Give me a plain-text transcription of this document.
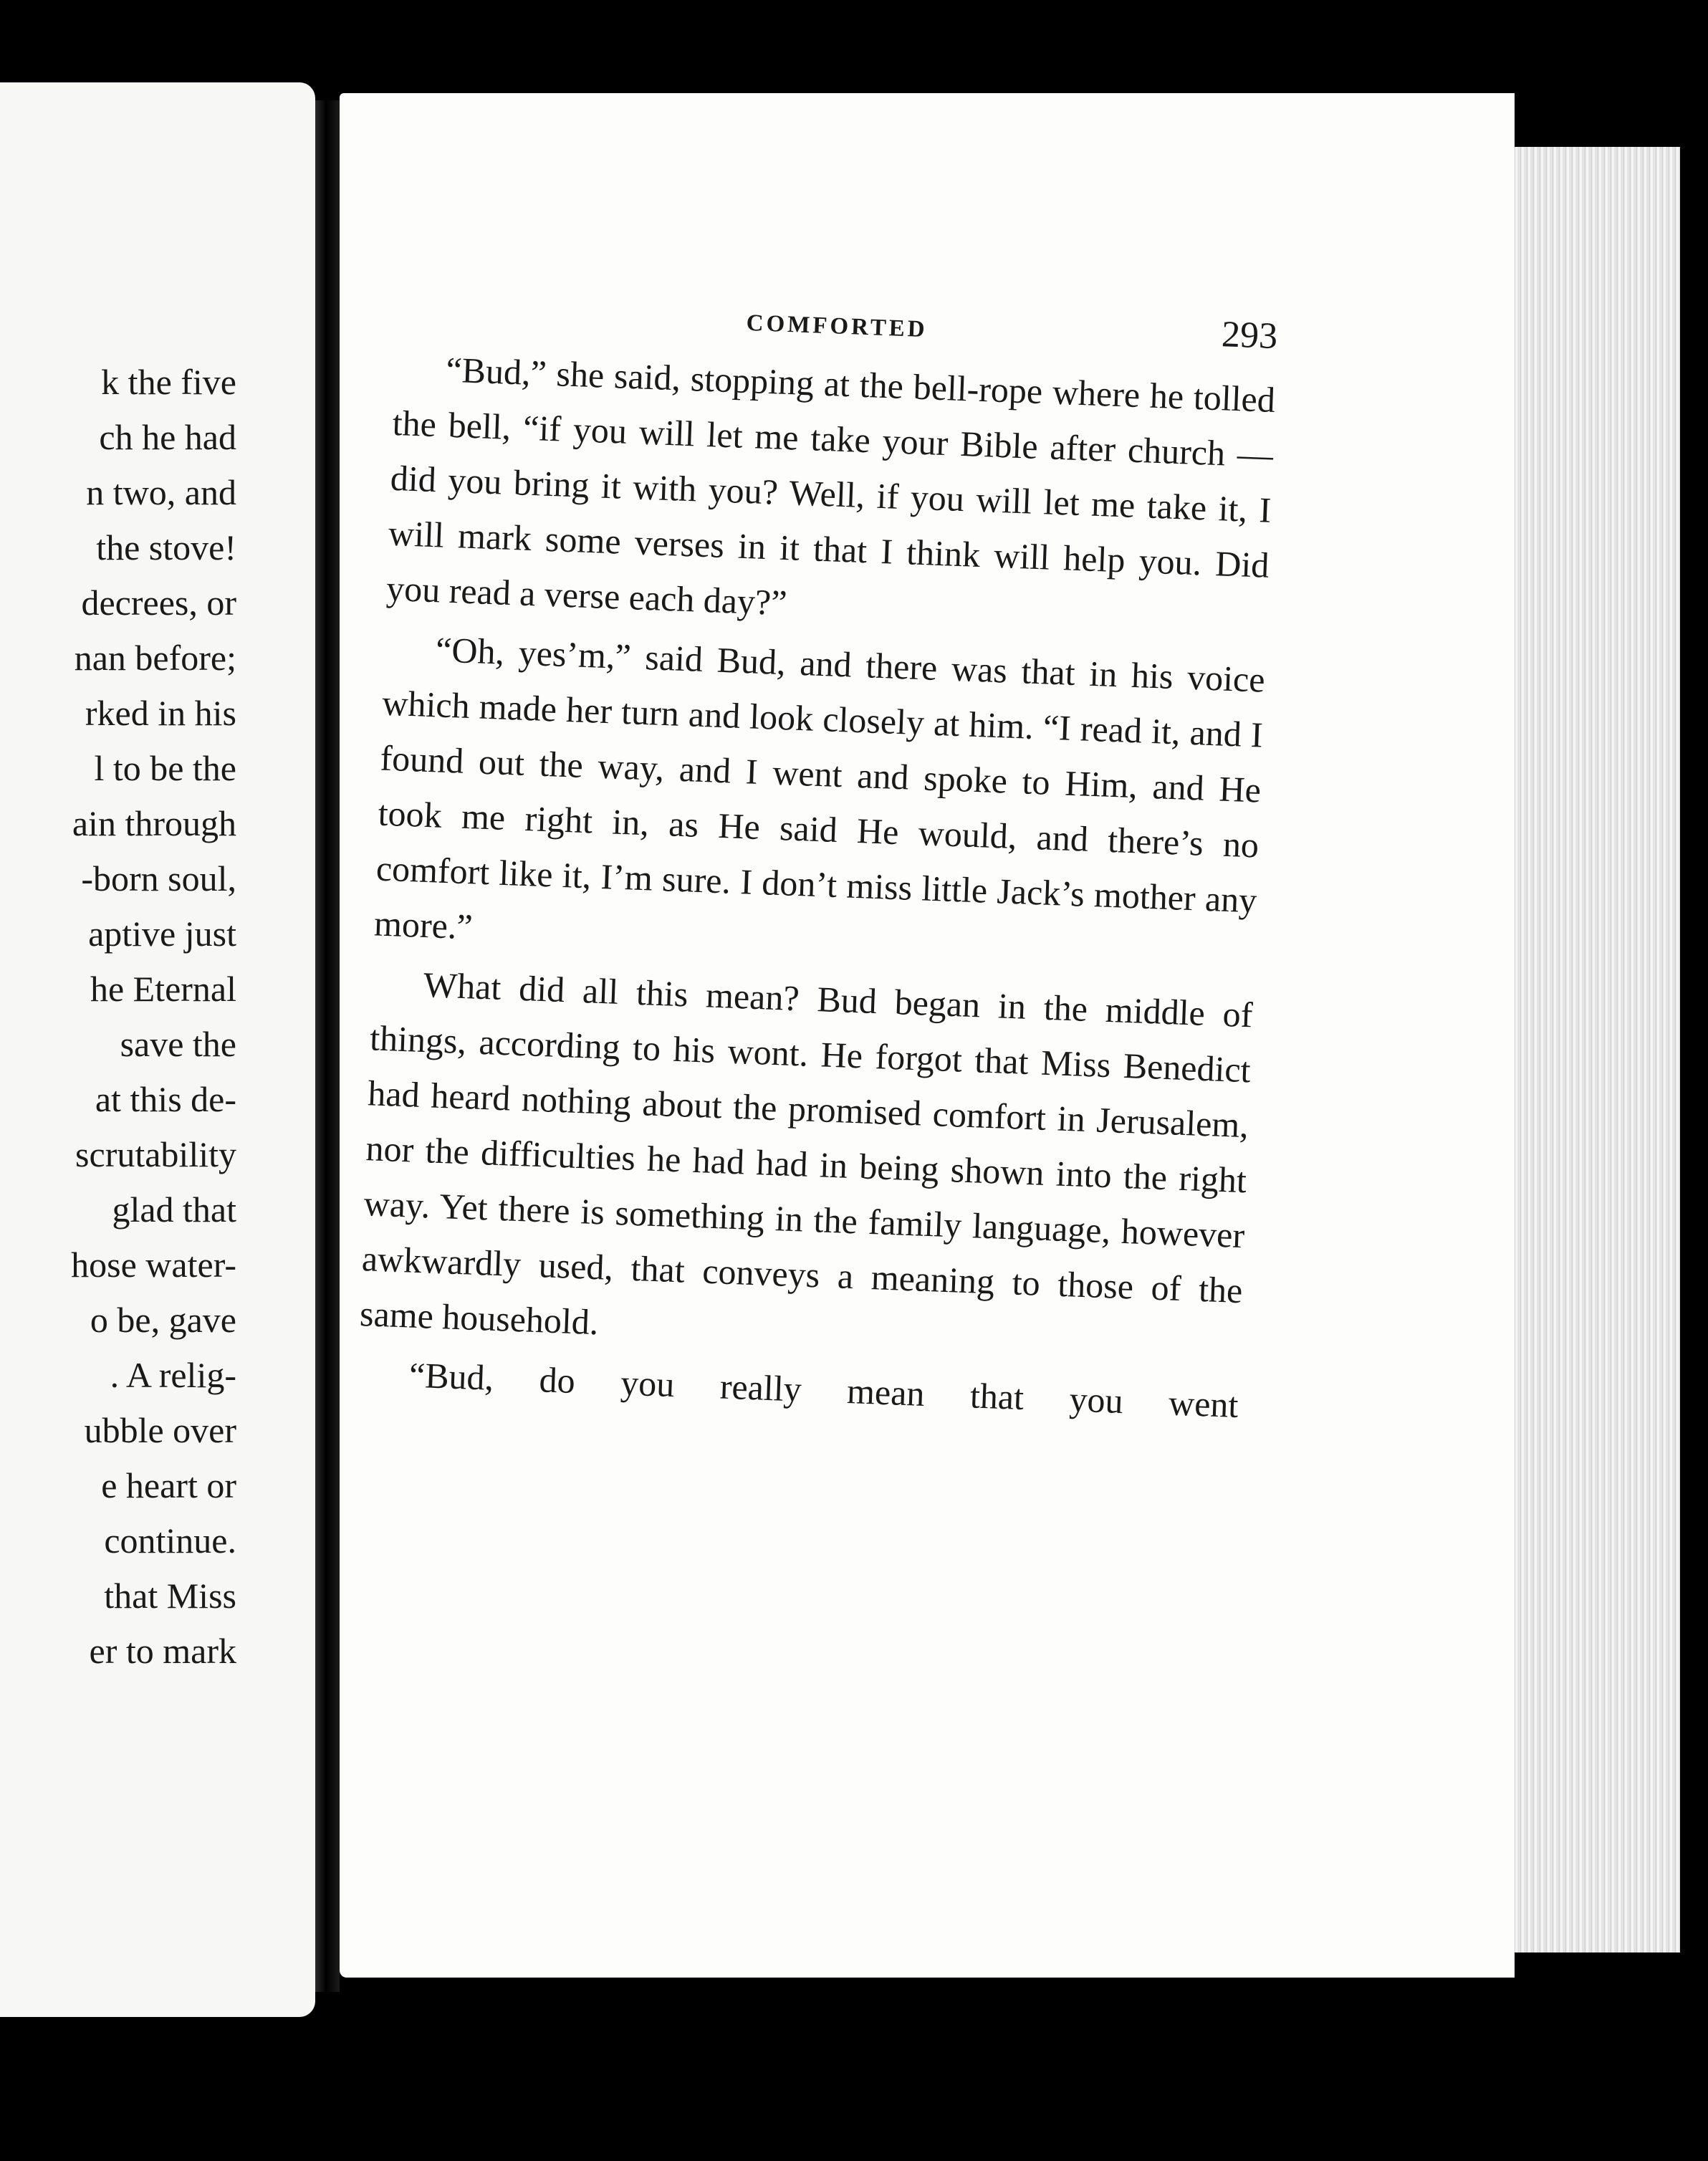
k the five
ch he had
n two, and
the stove!
decrees, or
nan before;
rked in his
l to be the
ain through
-born soul,
aptive just
he Eternal
save the
at this de-
scrutability
glad that
hose water-
o be, gave
. A relig-
ubble over
e heart or
continue.
that Miss
er to mark
COMFORTED	293

“Bud,” she said, stopping at the bell-rope where he tolled the bell, “if you will let me take your Bible after church — did you bring it with you? Well, if you will let me take it, I will mark some verses in it that I think will help you. Did you read a verse each day?”

“Oh, yes’m,” said Bud, and there was that in his voice which made her turn and look closely at him. “I read it, and I found out the way, and I went and spoke to Him, and He took me right in, as He said He would, and there’s no comfort like it, I’m sure. I don’t miss little Jack’s mother any more.”

What did all this mean? Bud began in the middle of things, according to his wont. He forgot that Miss Benedict had heard nothing about the promised comfort in Jerusalem, nor the difficulties he had had in being shown into the right way. Yet there is something in the family language, however awkwardly used, that conveys a meaning to those of the same household.

“Bud, do you really mean that you went
